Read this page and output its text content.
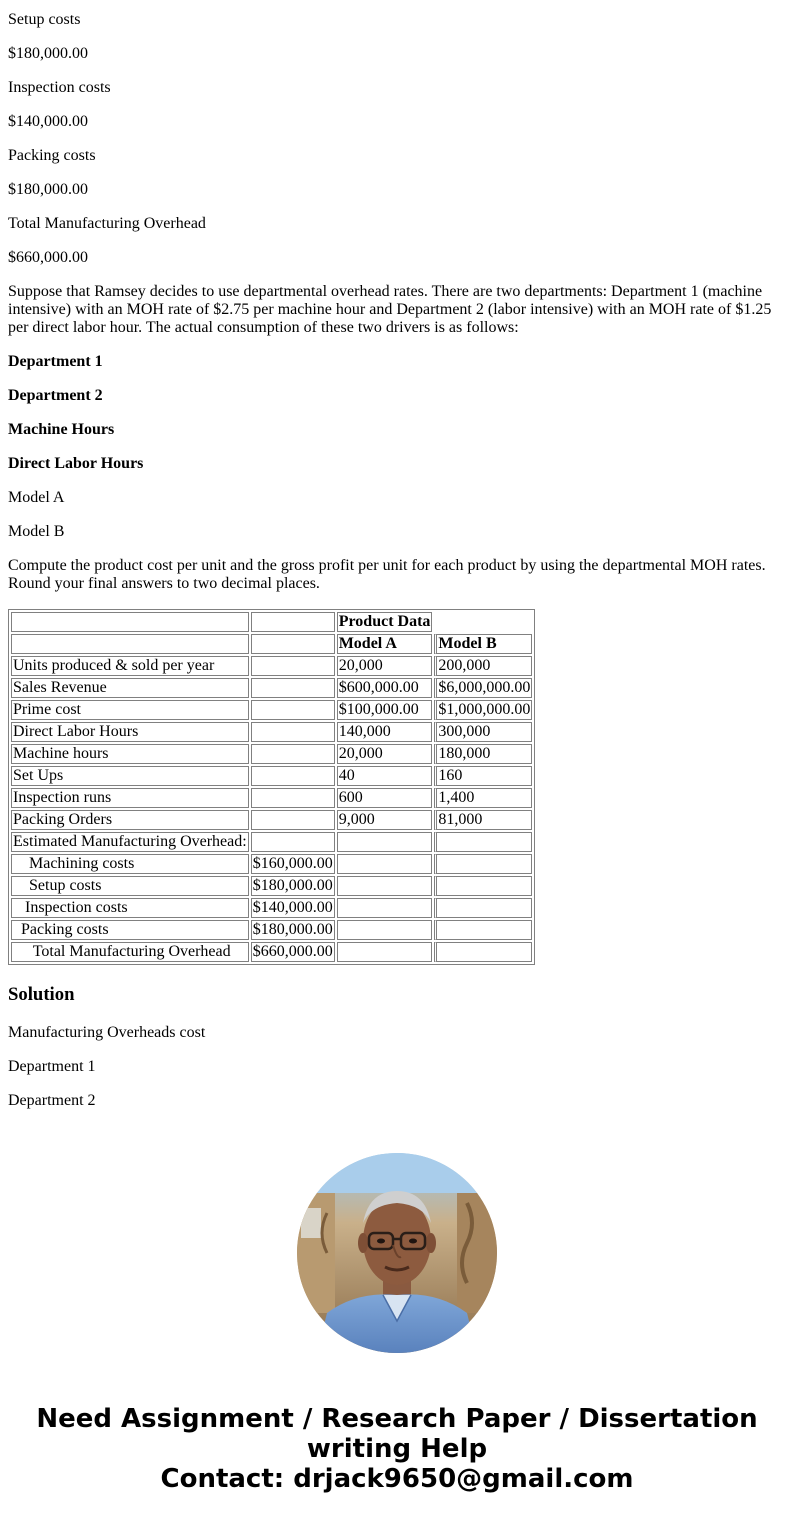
Setup costs

$180,000.00

Inspection costs

$140,000.00

Packing costs

$180,000.00

Total Manufacturing Overhead

$660,000.00

Suppose that Ramsey decides to use departmental overhead rates. There are two departments: Department 1 (machine intensive) with an MOH rate of $2.75 per machine hour and Department 2 (labor intensive) with an MOH rate of $1.25 per direct labor hour. The actual consumption of these two drivers is as follows:

Department 1

Department 2

Machine Hours

Direct Labor Hours

Model A

Model B

Compute the product cost per unit and the gross profit per unit for each product by using the departmental MOH rates. Round your final answers to two decimal places.

		Product Data	
		Model A	Model B
Units produced & sold per year		20,000	200,000
Sales Revenue		$600,000.00	$6,000,000.00
Prime cost		$100,000.00	$1,000,000.00
Direct Labor Hours		140,000	300,000
Machine hours		20,000	180,000
Set Ups		40	160
Inspection runs		600	1,400
Packing Orders		9,000	81,000
Estimated Manufacturing Overhead:			
Machining costs	$160,000.00		
Setup costs	$180,000.00		
Inspection costs	$140,000.00		
Packing costs	$180,000.00		
Total Manufacturing Overhead	$660,000.00		
Solution

Manufacturing Overheads cost

Department 1

Department 2

Need Assignment / Research Paper / Dissertation
writing Help
Contact: drjack9650@gmail.com
